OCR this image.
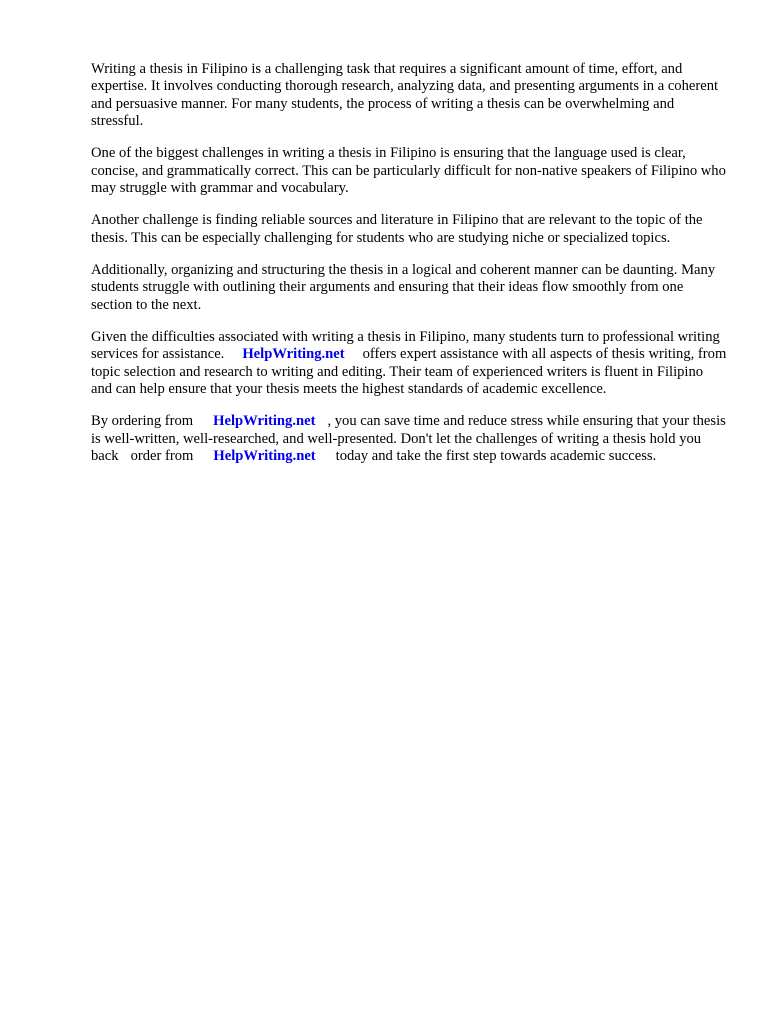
Writing a thesis in Filipino is a challenging task that requires a significant amount of time, effort, and expertise. It involves conducting thorough research, analyzing data, and presenting arguments in a coherent and persuasive manner. For many students, the process of writing a thesis can be overwhelming and stressful.

One of the biggest challenges in writing a thesis in Filipino is ensuring that the language used is clear, concise, and grammatically correct. This can be particularly difficult for non-native speakers of Filipino who may struggle with grammar and vocabulary.

Another challenge is finding reliable sources and literature in Filipino that are relevant to the topic of the thesis. This can be especially challenging for students who are studying niche or specialized topics.

Additionally, organizing and structuring the thesis in a logical and coherent manner can be daunting. Many students struggle with outlining their arguments and ensuring that their ideas flow smoothly from one section to the next.

Given the difficulties associated with writing a thesis in Filipino, many students turn to professional writing services for assistance. HelpWriting.net offers expert assistance with all aspects of thesis writing, from topic selection and research to writing and editing. Their team of experienced writers is fluent in Filipino and can help ensure that your thesis meets the highest standards of academic excellence.

By ordering from HelpWriting.net , you can save time and reduce stress while ensuring that your thesis is well-written, well-researched, and well-presented. Don't let the challenges of writing a thesis hold you back order from HelpWriting.net today and take the first step towards academic success.
